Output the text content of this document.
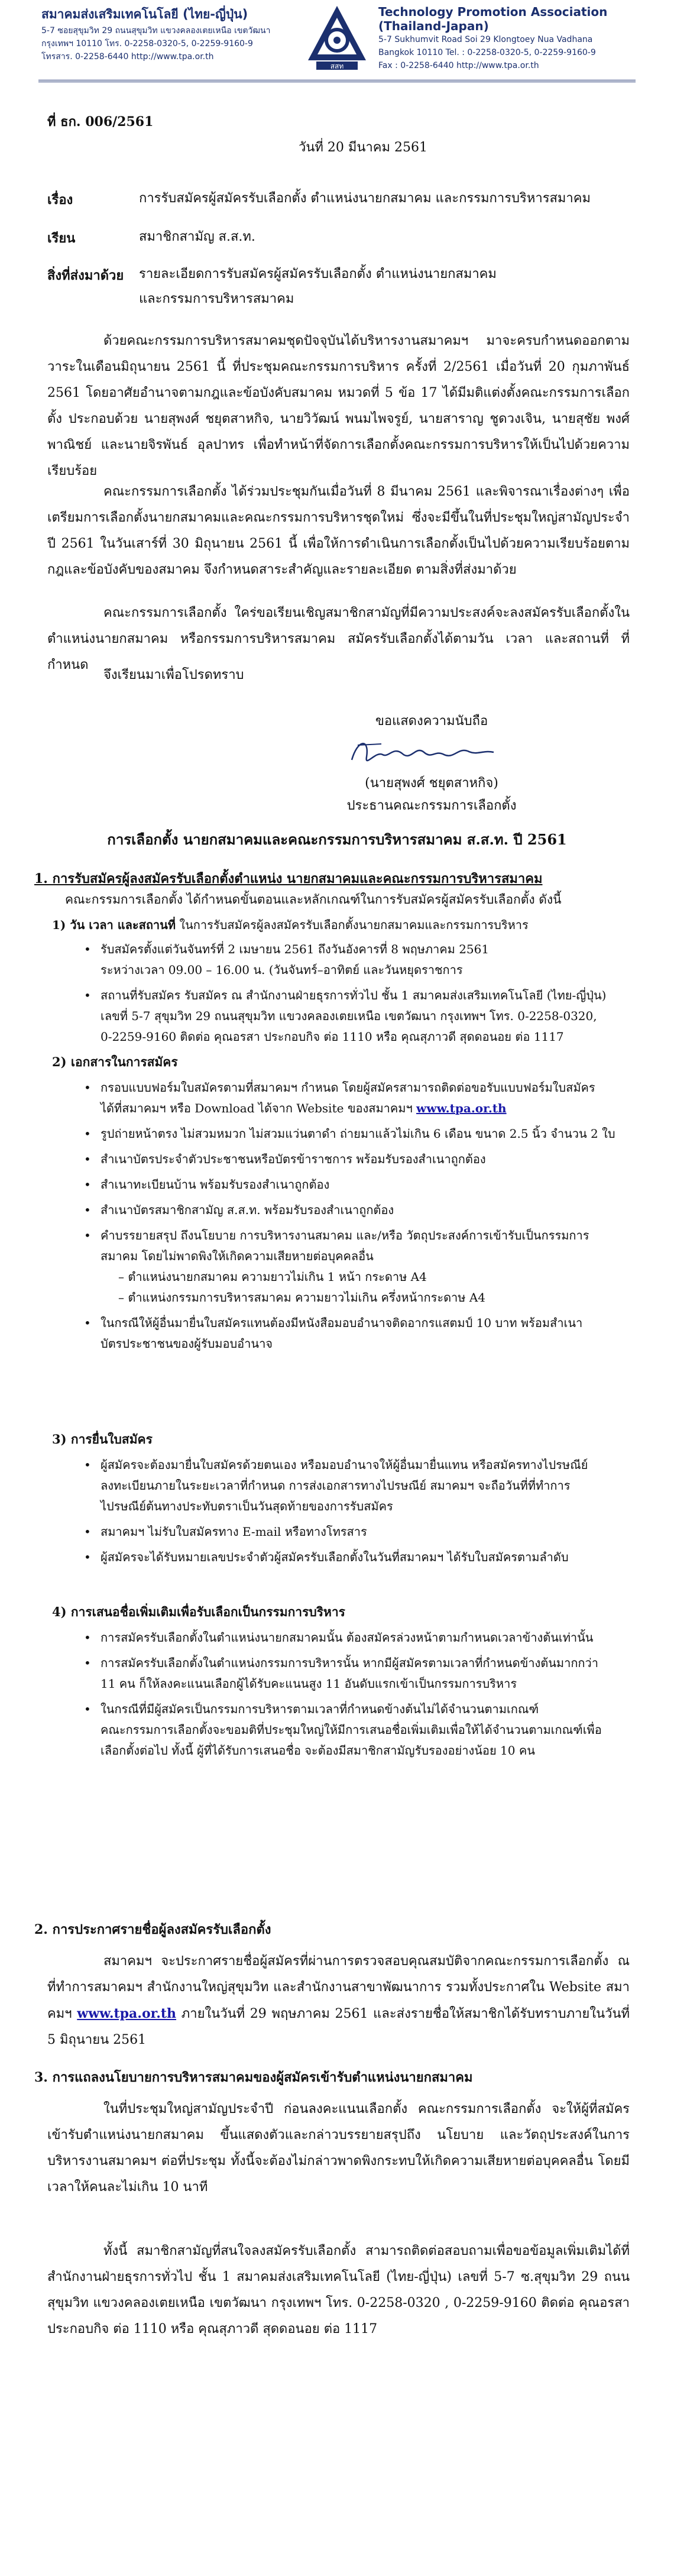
สมาคมส่งเสริมเทคโนโลยี (ไทย-ญี่ปุ่น)
5-7 ซอยสุขุมวิท 29 ถนนสุขุมวิท แขวงคลองเตยเหนือ เขตวัฒนา
กรุงเทพฯ 10110 โทร. 0-2258-0320-5, 0-2259-9160-9
โทรสาร. 0-2258-6440 http://www.tpa.or.th
สสท
Technology Promotion Association (Thailand-Japan)
5-7 Sukhumvit Road Soi 29 Klongtoey Nua Vadhana
Bangkok 10110 Tel. : 0-2258-0320-5, 0-2259-9160-9
Fax : 0-2258-6440 http://www.tpa.or.th
ที่ ธก. 006/2561
วันที่ 20 มีนาคม 2561
เรื่อง	การรับสมัครผู้สมัครรับเลือกตั้ง ตำแหน่งนายกสมาคม และกรรมการบริหารสมาคม
เรียน	สมาชิกสามัญ ส.ส.ท.
สิ่งที่ส่งมาด้วย รายละเอียดการรับสมัครผู้สมัครรับเลือกตั้ง ตำแหน่งนายกสมาคม
และกรรมการบริหารสมาคม
ด้วยคณะกรรมการบริหารสมาคมชุดปัจจุบันได้บริหารงานสมาคมฯ มาจะครบกำหนดออกตามวาระในเดือนมิถุนายน 2561 นี้ ที่ประชุมคณะกรรมการบริหาร ครั้งที่ 2/2561 เมื่อวันที่ 20 กุมภาพันธ์ 2561 โดยอาศัยอำนาจตามกฎและข้อบังคับสมาคม หมวดที่ 5 ข้อ 17 ได้มีมติแต่งตั้งคณะกรรมการเลือกตั้ง ประกอบด้วย นายสุพงศ์ ชยุตสาหกิจ, นายวิวัฒน์ พนมไพจรูย์, นายสาราญ ชูดวงเจิน, นายสุชัย พงศ์พาณิชย์ และนายจิรพันธ์ อุลปาทร เพื่อทำหน้าที่จัดการเลือกตั้งคณะกรรมการบริหารให้เป็นไปด้วยความเรียบร้อย
คณะกรรมการเลือกตั้ง ได้ร่วมประชุมกันเมื่อวันที่ 8 มีนาคม 2561 และพิจารณาเรื่องต่างๆ เพื่อเตรียมการเลือกตั้งนายกสมาคมและคณะกรรมการบริหารชุดใหม่ ซึ่งจะมีขึ้นในที่ประชุมใหญ่สามัญประจำปี 2561 ในวันเสาร์ที่ 30 มิถุนายน 2561 นี้ เพื่อให้การดำเนินการเลือกตั้งเป็นไปด้วยความเรียบร้อยตามกฎและข้อบังคับของสมาคม จึงกำหนดสาระสำคัญและรายละเอียด ตามสิ่งที่ส่งมาด้วย
คณะกรรมการเลือกตั้ง ใคร่ขอเรียนเชิญสมาชิกสามัญที่มีความประสงค์จะลงสมัครรับเลือกตั้งในตำแหน่งนายกสมาคม หรือกรรมการบริหารสมาคม สมัครรับเลือกตั้งได้ตามวัน เวลา และสถานที่ ที่กำหนด
จึงเรียนมาเพื่อโปรดทราบ
ขอแสดงความนับถือ
(นายสุพงศ์ ชยุตสาหกิจ)
ประธานคณะกรรมการเลือกตั้ง
การเลือกตั้ง นายกสมาคมและคณะกรรมการบริหารสมาคม ส.ส.ท. ปี 2561
1. การรับสมัครผู้ลงสมัครรับเลือกตั้งตำแหน่ง นายกสมาคมและคณะกรรมการบริหารสมาคม
คณะกรรมการเลือกตั้ง ได้กำหนดขั้นตอนและหลักเกณฑ์ในการรับสมัครผู้สมัครรับเลือกตั้ง ดังนี้
1) วัน เวลา และสถานที่ ในการรับสมัครผู้ลงสมัครรับเลือกตั้งนายกสมาคมและกรรมการบริหาร
• รับสมัครตั้งแต่วันจันทร์ที่ 2 เมษายน 2561 ถึงวันอังคารที่ 8 พฤษภาคม 2561
ระหว่างเวลา 09.00 – 16.00 น. (วันจันทร์–อาทิตย์ และวันหยุดราชการ
• สถานที่รับสมัคร รับสมัคร ณ สำนักงานฝ่ายธุรการทั่วไป ชั้น 1 สมาคมส่งเสริมเทคโนโลยี (ไทย-ญี่ปุ่น)
เลขที่ 5-7 สุขุมวิท 29 ถนนสุขุมวิท แขวงคลองเตยเหนือ เขตวัฒนา กรุงเทพฯ โทร. 0-2258-0320,
0-2259-9160 ติดต่อ คุณอรสา ประกอบกิจ ต่อ 1110 หรือ คุณสุภาวดี สุดดอนอย ต่อ 1117
2) เอกสารในการสมัคร
• กรอบแบบฟอร์มใบสมัครตามที่สมาคมฯ กำหนด โดยผู้สมัครสามารถติดต่อขอรับแบบฟอร์มใบสมัคร
ได้ที่สมาคมฯ หรือ Download ได้จาก Website ของสมาคมฯ www.tpa.or.th
• รูปถ่ายหน้าตรง ไม่สวมหมวก ไม่สวมแว่นตาดำ ถ่ายมาแล้วไม่เกิน 6 เดือน ขนาด 2.5 นิ้ว จำนวน 2 ใบ
• สำเนาบัตรประจำตัวประชาชนหรือบัตรข้าราชการ พร้อมรับรองสำเนาถูกต้อง
• สำเนาทะเบียนบ้าน พร้อมรับรองสำเนาถูกต้อง
• สำเนาบัตรสมาชิกสามัญ ส.ส.ท. พร้อมรับรองสำเนาถูกต้อง
• คำบรรยายสรุป ถึงนโยบาย การบริหารงานสมาคม และ/หรือ วัตถุประสงค์การเข้ารับเป็นกรรมการ
สมาคม โดยไม่พาดพิงให้เกิดความเสียหายต่อบุคคลอื่น
– ตำแหน่งนายกสมาคม ความยาวไม่เกิน 1 หน้า กระดาษ A4
– ตำแหน่งกรรมการบริหารสมาคม ความยาวไม่เกิน ครึ่งหน้ากระดาษ A4
• ในกรณีให้ผู้อื่นมายื่นใบสมัครแทนต้องมีหนังสือมอบอำนาจติดอากรแสตมป์ 10 บาท พร้อมสำเนา
บัตรประชาชนของผู้รับมอบอำนาจ
3) การยื่นใบสมัคร
• ผู้สมัครจะต้องมายื่นใบสมัครด้วยตนเอง หรือมอบอำนาจให้ผู้อื่นมายื่นแทน หรือสมัครทางไปรษณีย์
ลงทะเบียนภายในระยะเวลาที่กำหนด การส่งเอกสารทางไปรษณีย์ สมาคมฯ จะถือวันที่ที่ทำการ
ไปรษณีย์ต้นทางประทับตราเป็นวันสุดท้ายของการรับสมัคร
• สมาคมฯ ไม่รับใบสมัครทาง E-mail หรือทางโทรสาร
• ผู้สมัครจะได้รับหมายเลขประจำตัวผู้สมัครรับเลือกตั้งในวันที่สมาคมฯ ได้รับใบสมัครตามลำดับ
4) การเสนอชื่อเพิ่มเติมเพื่อรับเลือกเป็นกรรมการบริหาร
• การสมัครรับเลือกตั้งในตำแหน่งนายกสมาคมนั้น ต้องสมัครล่วงหน้าตามกำหนดเวลาข้างต้นเท่านั้น
• การสมัครรับเลือกตั้งในตำแหน่งกรรมการบริหารนั้น หากมีผู้สมัครตามเวลาที่กำหนดข้างต้นมากกว่า
11 คน ก็ให้ลงคะแนนเลือกผู้ได้รับคะแนนสูง 11 อันดับแรกเข้าเป็นกรรมการบริหาร
• ในกรณีที่มีผู้สมัครเป็นกรรมการบริหารตามเวลาที่กำหนดข้างต้นไม่ได้จำนวนตามเกณฑ์
คณะกรรมการเลือกตั้งจะขอมติที่ประชุมใหญ่ให้มีการเสนอชื่อเพิ่มเติมเพื่อให้ได้จำนวนตามเกณฑ์เพื่อ
เลือกตั้งต่อไป ทั้งนี้ ผู้ที่ได้รับการเสนอชื่อ จะต้องมีสมาชิกสามัญรับรองอย่างน้อย 10 คน
2. การประกาศรายชื่อผู้ลงสมัครรับเลือกตั้ง
สมาคมฯ จะประกาศรายชื่อผู้สมัครที่ผ่านการตรวจสอบคุณสมบัติจากคณะกรรมการเลือกตั้ง ณ ที่ทำการสมาคมฯ สำนักงานใหญ่สุขุมวิท และสำนักงานสาขาพัฒนาการ รวมทั้งประกาศใน Website สมาคมฯ www.tpa.or.th ภายในวันที่ 29 พฤษภาคม 2561 และส่งรายชื่อให้สมาชิกได้รับทราบภายในวันที่ 5 มิถุนายน 2561
3. การแถลงนโยบายการบริหารสมาคมของผู้สมัครเข้ารับตำแหน่งนายกสมาคม
ในที่ประชุมใหญ่สามัญประจำปี ก่อนลงคะแนนเลือกตั้ง คณะกรรมการเลือกตั้ง จะให้ผู้ที่สมัครเข้ารับตำแหน่งนายกสมาคม ขึ้นแสดงตัวและกล่าวบรรยายสรุปถึง นโยบาย และวัตถุประสงค์ในการบริหารงานสมาคมฯ ต่อที่ประชุม ทั้งนี้จะต้องไม่กล่าวพาดพิงกระทบให้เกิดความเสียหายต่อบุคคลอื่น โดยมีเวลาให้คนละไม่เกิน 10 นาที
ทั้งนี้ สมาชิกสามัญที่สนใจลงสมัครรับเลือกตั้ง สามารถติดต่อสอบถามเพื่อขอข้อมูลเพิ่มเติมได้ที่ สำนักงานฝ่ายธุรการทั่วไป ชั้น 1 สมาคมส่งเสริมเทคโนโลยี (ไทย-ญี่ปุ่น) เลขที่ 5-7 ซ.สุขุมวิท 29 ถนนสุขุมวิท แขวงคลองเตยเหนือ เขตวัฒนา กรุงเทพฯ โทร. 0-2258-0320 , 0-2259-9160 ติดต่อ คุณอรสา ประกอบกิจ ต่อ 1110 หรือ คุณสุภาวดี สุดดอนอย ต่อ 1117
